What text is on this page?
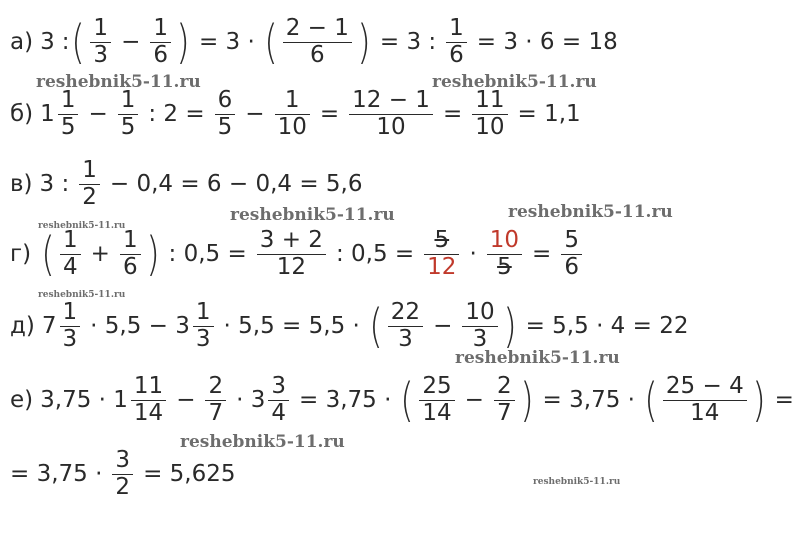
а) 3 : ( $\frac{1}{3} - \frac{1}{6}$ ) = 3 · ( $\frac{2 - 1}{6}$ ) = 3 : $\frac{1}{6} = 3 \cdot 6 = 18$
б) $1 \frac{1}{5} - \frac{1}{5}$ : $2 = \frac{6}{5} - \frac{1}{10} = \frac{12 - 1}{10} = \frac{11}{10} = 1,1$
в) 3 : $\frac{1}{2} - 0,4 = 6 - 0,4 = 5,6$
г) ( $\frac{1}{4} + \frac{1}{6}$ ) : $0,5 = \frac{3 + 2}{12}$ : $0,5 = \frac{5}{12} \cdot \frac{10}{5} = \frac{5}{6}$
д) $7 \frac{1}{3} \cdot 5,5 - 3 \frac{1}{3} \cdot 5,5 = 5,5$ · ( $\frac{22}{3} - \frac{10}{3}$ ) = 5,5 · 4 = 22
е) $3,75 \cdot 1 \frac{11}{14} - \frac{2}{7} \cdot 3 \frac{3}{4} = 3,75$ · ( $\frac{25}{14} - \frac{2}{7}$ ) = 3,75 · ( $\frac{25 - 4}{14}$ ) =
= $3,75 \cdot \frac{3}{2} = 5,625$
reshebnik5-11.ru	reshebnik5-11.ru
reshebnik5-11.ru
reshebnik5-11.ru	reshebnik5-11.ru
reshebnik5-11.ru
reshebnik5-11.ru
reshebnik5-11.ru
reshebnik5-11.ru
